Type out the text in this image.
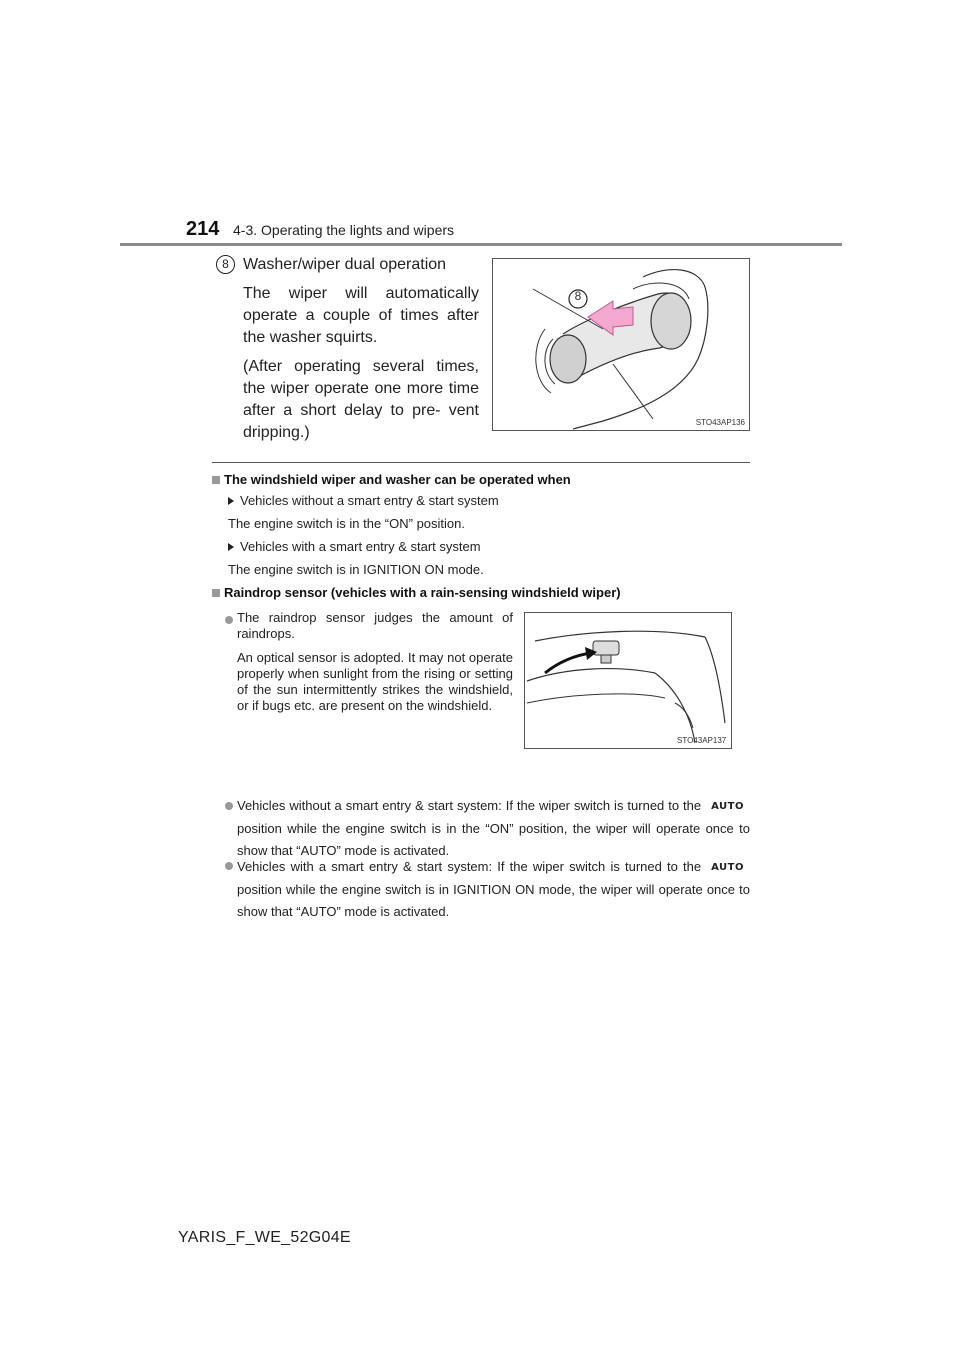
214 4-3. Operating the lights and wipers
8 Washer/wiper dual operation

The wiper will automatically operate a couple of times after the washer squirts.

(After operating several times, the wiper operate one more time after a short delay to pre- vent dripping.)

8
STO43AP136
The windshield wiper and washer can be operated when
Vehicles without a smart entry & start system
The engine switch is in the “ON” position.
Vehicles with a smart entry & start system
The engine switch is in IGNITION ON mode.
Raindrop sensor (vehicles with a rain-sensing windshield wiper)
The raindrop sensor judges the amount of raindrops.
An optical sensor is adopted. It may not operate properly when sunlight from the rising or setting of the sun intermittently strikes the windshield, or if bugs etc. are present on the windshield.
STO43AP137
Vehicles without a smart entry & start system: If the wiper switch is turned to the AUTOposition while the engine switch is in the “ON” position, the wiper will operate once to show that “AUTO” mode is activated.
Vehicles with a smart entry & start system: If the wiper switch is turned to the AUTOposition while the engine switch is in IGNITION ON mode, the wiper will operate once to show that “AUTO” mode is activated.
YARIS_F_WE_52G04E
